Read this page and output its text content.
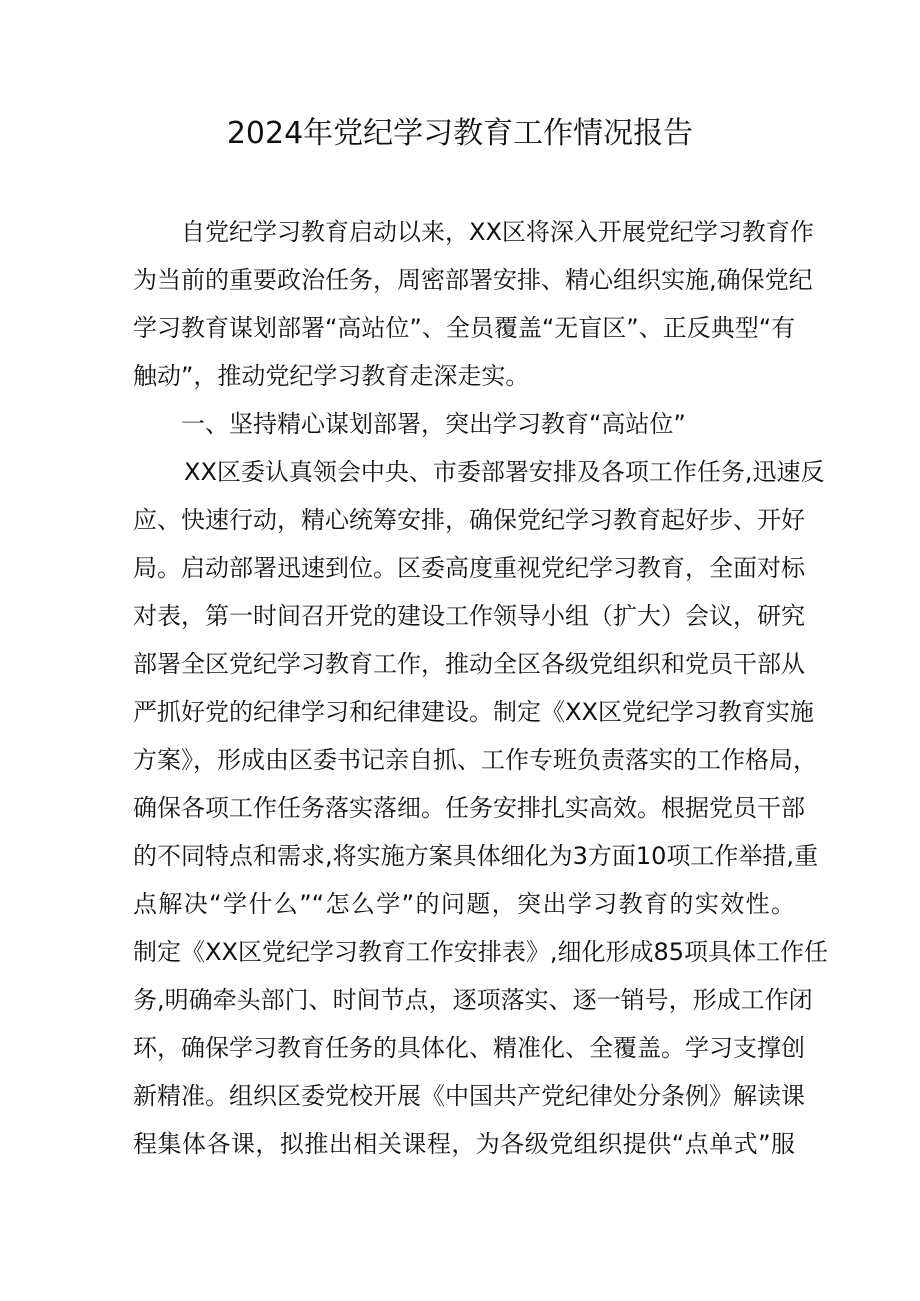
2024年党纪学习教育工作情况报告

自党纪学习教育启动以来，XX区将深入开展党纪学习教育作

为当前的重要政治任务，周密部署安排、精心组织实施,确保党纪

学习教育谋划部署“高站位”、全员覆盖“无盲区”、正反典型“有

触动”，推动党纪学习教育走深走实。

一、坚持精心谋划部署，突出学习教育“高站位”

XX区委认真领会中央、市委部署安排及各项工作任务,迅速反

应、快速行动，精心统筹安排，确保党纪学习教育起好步、开好

局。启动部署迅速到位。区委高度重视党纪学习教育，全面对标

对表，第一时间召开党的建设工作领导小组（扩大）会议，研究

部署全区党纪学习教育工作，推动全区各级党组织和党员干部从

严抓好党的纪律学习和纪律建设。制定《XX区党纪学习教育实施

方案》，形成由区委书记亲自抓、工作专班负责落实的工作格局，

确保各项工作任务落实落细。任务安排扎实高效。根据党员干部

的不同特点和需求,将实施方案具体细化为3方面10项工作举措,重

点解决“学什么”“怎么学”的问题，突出学习教育的实效性。

制定《XX区党纪学习教育工作安排表》,细化形成85项具体工作任

务,明确牵头部门、时间节点，逐项落实、逐一销号，形成工作闭

环，确保学习教育任务的具体化、精准化、全覆盖。学习支撑创

新精准。组织区委党校开展《中国共产党纪律处分条例》解读课

程集体各课，拟推出相关课程，为各级党组织提供“点单式”服
